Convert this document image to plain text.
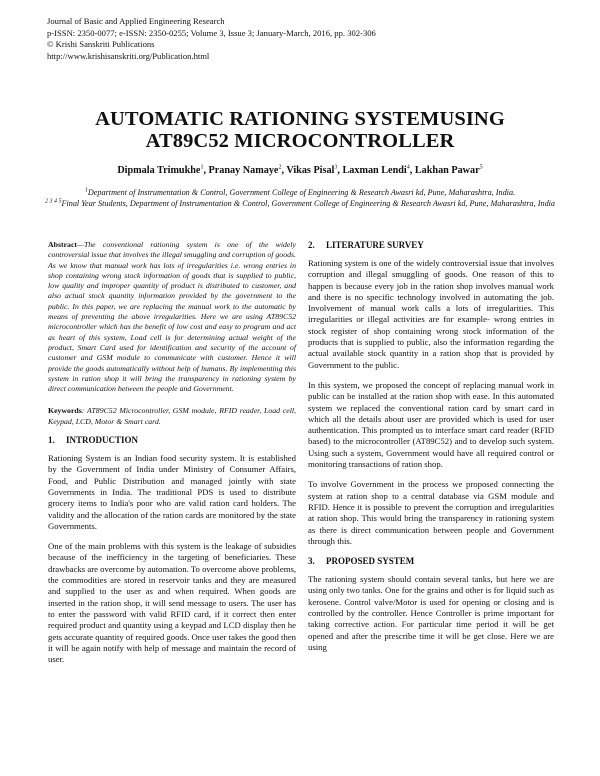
Journal of Basic and Applied Engineering Research
p-ISSN: 2350-0077; e-ISSN: 2350-0255; Volume 3, Issue 3; January-March, 2016, pp. 302-306
© Krishi Sanskriti Publications
http://www.krishisanskriti.org/Publication.html
AUTOMATIC RATIONING SYSTEMUSING
AT89C52 MICROCONTROLLER
Dipmala Trimukhe$^1$, Pranay Namaye$^2$, Vikas Pisal$^3$, Laxman Lendi$^4$, Lakhan Pawar$^5$

$^1$Department of Instrumentation & Control, Government College of Engineering & Research Awasri kd, Pune, Maharashtra, India.

$^{2 3 4 5}$Final Year Students, Department of Instrumentation & Control, Government College of Engineering & Research Awasri kd, Pune, Maharashtra, India

Abstract—The conventional rationing system is one of the widely controversial issue that involves the illegal smuggling and corruption of goods. As we know that manual work has lots of irregularities i.e. wrong entries in shop containing wrong stock information of goods that is supplied to public, low quality and improper quantity of product is distributed to customer, and also actual stock quantity information provided by the government to the public. In this paper, we are replacing the manual work to the automatic by means of preventing the above irregularities. Here we are using AT89C52 microcontroller which has the benefit of low cost and easy to program and act as heart of this system, Load cell is for determining actual weight of the product, Smart Card used for identification and security of the account of customer and GSM module to communicate with customer. Hence it will provide the goods automatically without help of humans. By implementing this system in ration shop it will bring the transparency in rationing system by direct communication between the people and Government.

Keywords: AT89C52 Microcontroller, GSM module, RFID reader, Load cell, Keypad, LCD, Motor & Smart card.

1. INTRODUCTION

Rationing System is an Indian food security system. It is established by the Government of India under Ministry of Consumer Affairs, Food, and Public Distribution and managed jointly with state Governments in India. The traditional PDS is used to distribute grocery items to India's poor who are valid ration card holders. The validity and the allocation of the ration cards are monitored by the state Governments.

One of the main problems with this system is the leakage of subsidies because of the inefficiency in the targeting of beneficiaries. These drawbacks are overcome by automation. To overcome above problems, the commodities are stored in reservoir tanks and they are measured and supplied to the user as and when required. When goods are inserted in the ration shop, it will send message to users. The user has to enter the password with valid RFID card, if it correct then enter required product and quantity using a keypad and LCD display then he gets accurate quantity of required goods. Once user takes the good then it will be again notify with help of message and maintain the record of user.

2. LITERATURE SURVEY

Rationing system is one of the widely controversial issue that involves corruption and illegal smuggling of goods. One reason of this to happen is because every job in the ration shop involves manual work and there is no specific technology involved in automating the job. Involvement of manual work calls a lots of irregularities. This irregularities or illegal activities are for example- wrong entries in stock register of shop containing wrong stock information of the products that is supplied to public, also the information regarding the actual available stock quantity in a ration shop that is provided by Government to the public.

In this system, we proposed the concept of replacing manual work in public can be installed at the ration shop with ease. In this automated system we replaced the conventional ration card by smart card in which all the details about user are provided which is used for user authentication. This prompted us to interface smart card reader (RFID based) to the microcontroller (AT89C52) and to develop such system. Using such a system, Government would have all required control or monitoring transactions of ration shop.

To involve Government in the process we proposed connecting the system at ration shop to a central database via GSM module and RFID. Hence it is possible to prevent the corruption and irregularities at ration shop. This would bring the transparency in rationing system as there is direct communication between people and Government through this.

3. PROPOSED SYSTEM

The rationing system should contain several tanks, but here we are using only two tanks. One for the grains and other is for liquid such as kerosene. Control valve/Motor is used for opening or closing and is controlled by the controller. Hence Controller is prime important for taking corrective action. For particular time period it will be get opened and after the prescribe time it will be get close. Here we are using
